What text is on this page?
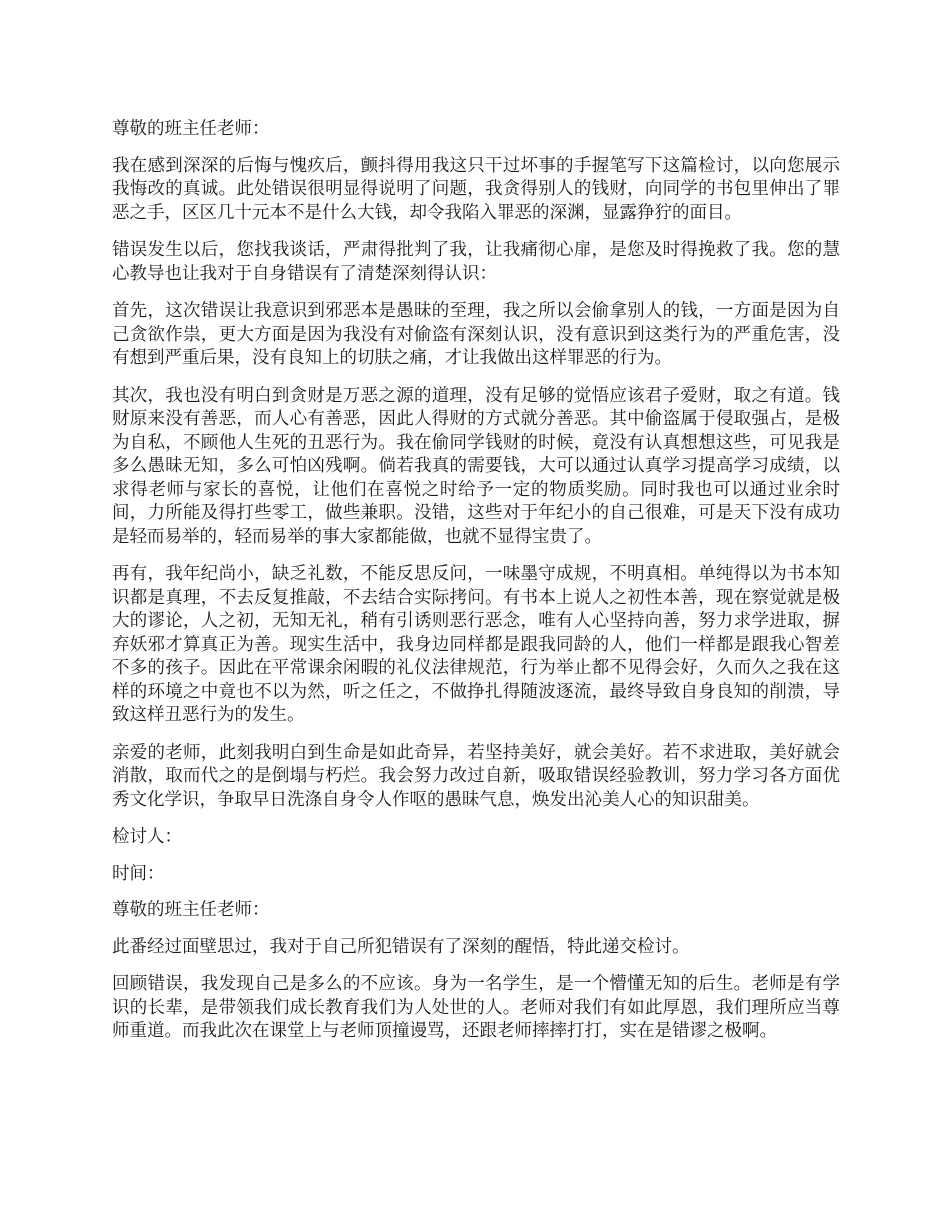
尊敬的班主任老师：

我在感到深深的后悔与愧疚后，颤抖得用我这只干过坏事的手握笔写下这篇检讨，以向您展示我悔改的真诚。此处错误很明显得说明了问题，我贪得别人的钱财，向同学的书包里伸出了罪恶之手，区区几十元本不是什么大钱，却令我陷入罪恶的深渊，显露狰狞的面目。

错误发生以后，您找我谈话，严肃得批判了我，让我痛彻心扉，是您及时得挽救了我。您的慧心教导也让我对于自身错误有了清楚深刻得认识：

首先，这次错误让我意识到邪恶本是愚昧的至理，我之所以会偷拿别人的钱，一方面是因为自己贪欲作祟，更大方面是因为我没有对偷盗有深刻认识，没有意识到这类行为的严重危害，没有想到严重后果，没有良知上的切肤之痛，才让我做出这样罪恶的行为。

其次，我也没有明白到贪财是万恶之源的道理，没有足够的觉悟应该君子爱财，取之有道。钱财原来没有善恶，而人心有善恶，因此人得财的方式就分善恶。其中偷盗属于侵取强占，是极为自私，不顾他人生死的丑恶行为。我在偷同学钱财的时候，竟没有认真想想这些，可见我是多么愚昧无知，多么可怕凶残啊。倘若我真的需要钱，大可以通过认真学习提高学习成绩，以求得老师与家长的喜悦，让他们在喜悦之时给予一定的物质奖励。同时我也可以通过业余时间，力所能及得打些零工，做些兼职。没错，这些对于年纪小的自己很难，可是天下没有成功是轻而易举的，轻而易举的事大家都能做，也就不显得宝贵了。

再有，我年纪尚小，缺乏礼数，不能反思反问，一味墨守成规，不明真相。单纯得以为书本知识都是真理，不去反复推敲，不去结合实际拷问。有书本上说人之初性本善，现在察觉就是极大的谬论，人之初，无知无礼，稍有引诱则恶行恶念，唯有人心坚持向善，努力求学进取，摒弃妖邪才算真正为善。现实生活中，我身边同样都是跟我同龄的人，他们一样都是跟我心智差不多的孩子。因此在平常课余闲暇的礼仪法律规范，行为举止都不见得会好，久而久之我在这样的环境之中竟也不以为然，听之任之，不做挣扎得随波逐流，最终导致自身良知的削溃，导致这样丑恶行为的发生。

亲爱的老师，此刻我明白到生命是如此奇异，若坚持美好，就会美好。若不求进取，美好就会消散，取而代之的是倒塌与朽烂。我会努力改过自新，吸取错误经验教训，努力学习各方面优秀文化学识，争取早日洗涤自身令人作呕的愚昧气息，焕发出沁美人心的知识甜美。

检讨人：

时间：

尊敬的班主任老师：

此番经过面壁思过，我对于自己所犯错误有了深刻的醒悟，特此递交检讨。

回顾错误，我发现自己是多么的不应该。身为一名学生，是一个懵懂无知的后生。老师是有学识的长辈，是带领我们成长教育我们为人处世的人。老师对我们有如此厚恩，我们理所应当尊师重道。而我此次在课堂上与老师顶撞谩骂，还跟老师摔摔打打，实在是错谬之极啊。
